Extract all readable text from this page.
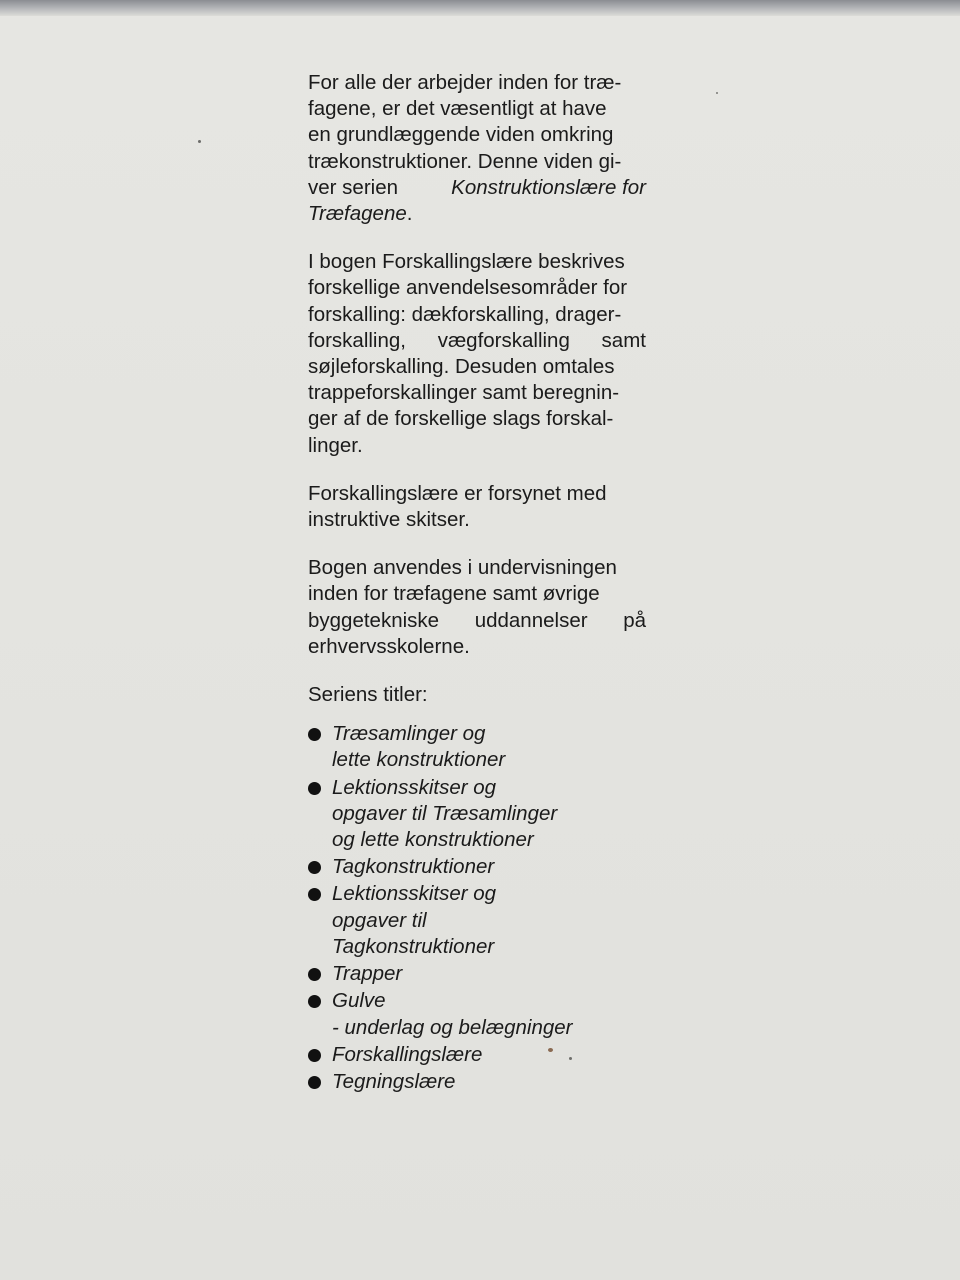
For alle der arbejder inden for træ-
fagene, er det væsentligt at have
en grundlæggende viden omkring
trækonstruktioner. Denne viden gi-
ver serien	Konstruktionslære for
Træfagene.

I bogen Forskallingslære beskrives
forskellige anvendelsesområder for
forskalling: dækforskalling, drager-
forskalling, vægforskalling samt
søjleforskalling. Desuden omtales
trappeforskallinger samt beregnin-
ger af de forskellige slags forskal-
linger.

Forskallingslære er forsynet med
instruktive skitser.

Bogen anvendes i undervisningen
inden for træfagene samt øvrige
byggetekniske uddannelser på
erhvervsskolerne.

Seriens titler:

Træsamlinger og
lette konstruktioner
Lektionsskitser og
opgaver til Træsamlinger
og lette konstruktioner
Tagkonstruktioner
Lektionsskitser og
opgaver til
Tagkonstruktioner
Trapper
Gulve
- underlag og belægninger
Forskallingslære
Tegningslære
